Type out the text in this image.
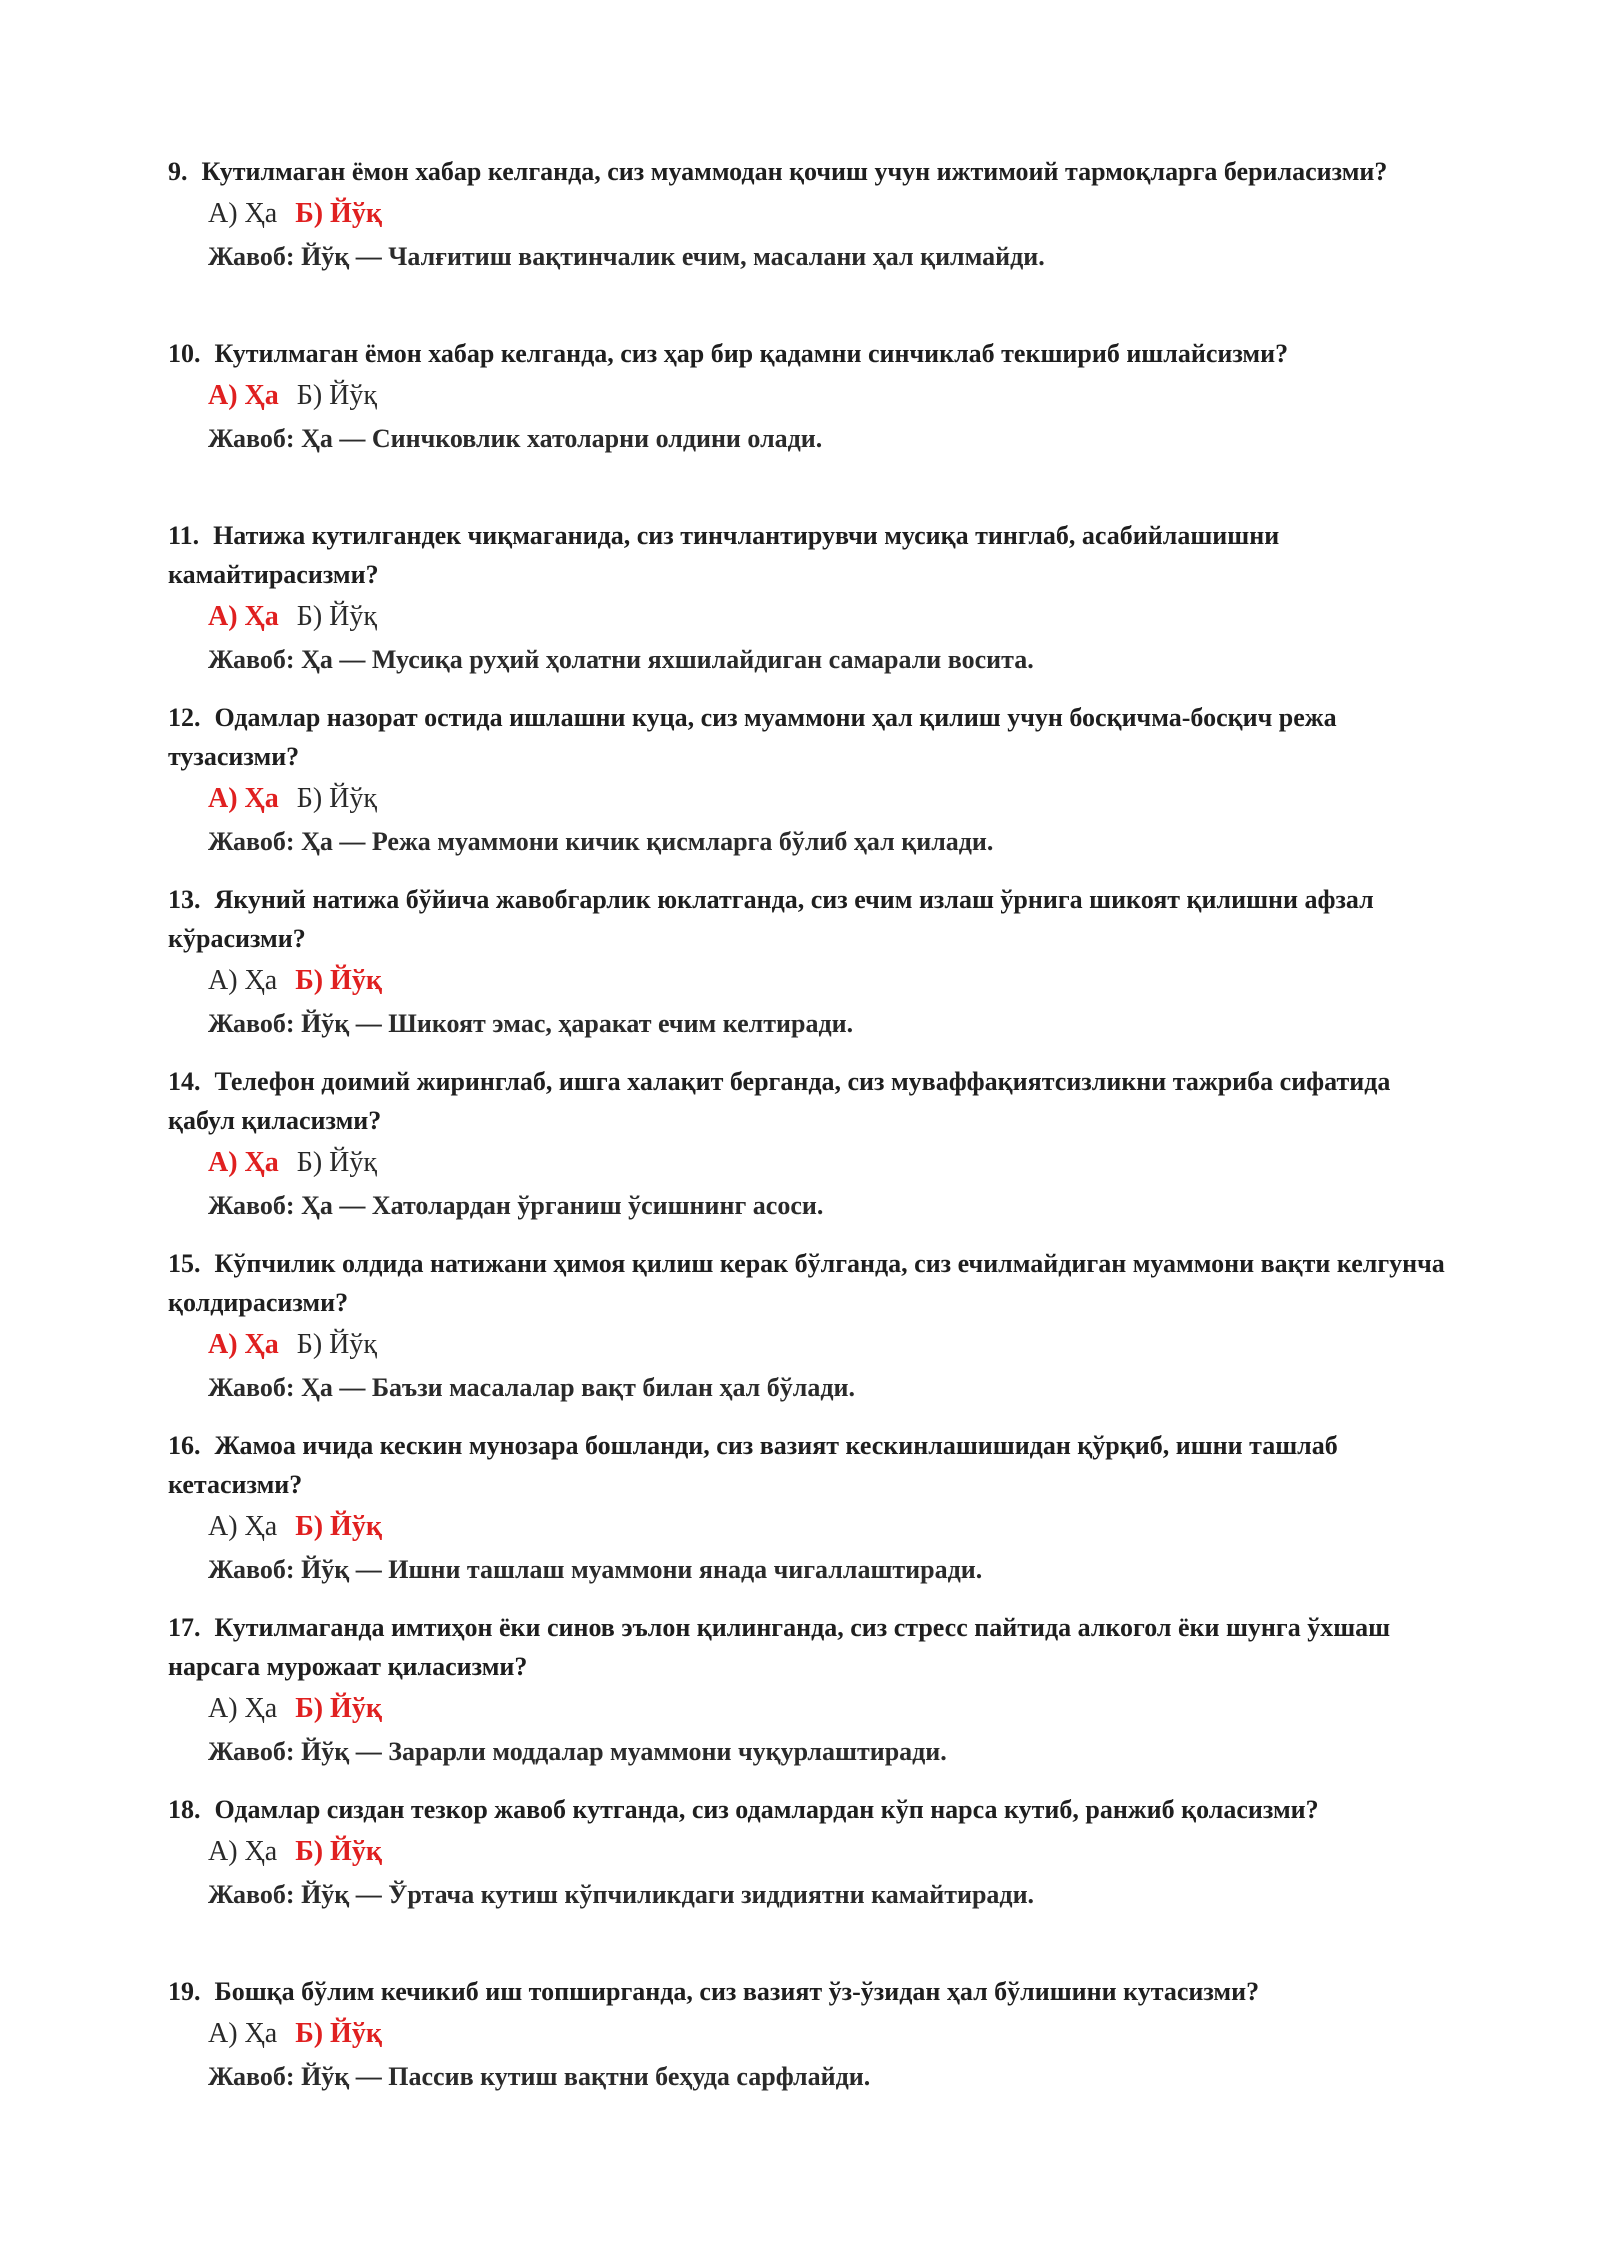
9. Кутилмаган ёмон хабар келганда, сиз муаммодан қочиш учун ижтимоий тармоқларга бериласизми?

А) Ҳа Б) Йўқ
Жавоб: Йўқ — Чалғитиш вақтинчалик ечим, масалани ҳал қилмайди.

10. Кутилмаган ёмон хабар келганда, сиз ҳар бир қадамни синчиклаб текшириб ишлайсизми?

А) Ҳа Б) Йўқ
Жавоб: Ҳа — Синчковлик хатоларни олдини олади.

11. Натижа кутилгандек чиқмаганида, сиз тинчлантирувчи мусиқа тинглаб, асабийлашишни камайтирасизми?

А) Ҳа Б) Йўқ
Жавоб: Ҳа — Мусиқа руҳий ҳолатни яхшилайдиган самарали восита.

12. Одамлар назорат остида ишлашни куца, сиз муаммони ҳал қилиш учун босқичма-босқич режа тузасизми?

А) Ҳа Б) Йўқ
Жавоб: Ҳа — Режа муаммони кичик қисмларга бўлиб ҳал қилади.

13. Якуний натижа бўйича жавобгарлик юклатганда, сиз ечим излаш ўрнига шикоят қилишни афзал кўрасизми?

А) Ҳа Б) Йўқ
Жавоб: Йўқ — Шикоят эмас, ҳаракат ечим келтиради.

14. Телефон доимий жиринглаб, ишга халақит берганда, сиз муваффақиятсизликни тажриба сифатида қабул қиласизми?

А) Ҳа Б) Йўқ
Жавоб: Ҳа — Хатолардан ўрганиш ўсишнинг асоси.

15. Кўпчилик олдида натижани ҳимоя қилиш керак бўлганда, сиз ечилмайдиган муаммони вақти келгунча қолдирасизми?

А) Ҳа Б) Йўқ
Жавоб: Ҳа — Баъзи масалалар вақт билан ҳал бўлади.

16. Жамоа ичида кескин мунозара бошланди, сиз вазият кескинлашишидан қўрқиб, ишни ташлаб кетасизми?

А) Ҳа Б) Йўқ
Жавоб: Йўқ — Ишни ташлаш муаммони янада чигаллаштиради.

17. Кутилмаганда имтиҳон ёки синов эълон қилинганда, сиз стресс пайтида алкогол ёки шунга ўхшаш нарсага мурожаат қиласизми?

А) Ҳа Б) Йўқ
Жавоб: Йўқ — Зарарли моддалар муаммони чуқурлаштиради.

18. Одамлар сиздан тезкор жавоб кутганда, сиз одамлардан кўп нарса кутиб, ранжиб қоласизми?

А) Ҳа Б) Йўқ
Жавоб: Йўқ — Ўртача кутиш кўпчиликдаги зиддиятни камайтиради.

19. Бошқа бўлим кечикиб иш топширганда, сиз вазият ўз-ўзидан ҳал бўлишини кутасизми?

А) Ҳа Б) Йўқ
Жавоб: Йўқ — Пассив кутиш вақтни беҳуда сарфлайди.
